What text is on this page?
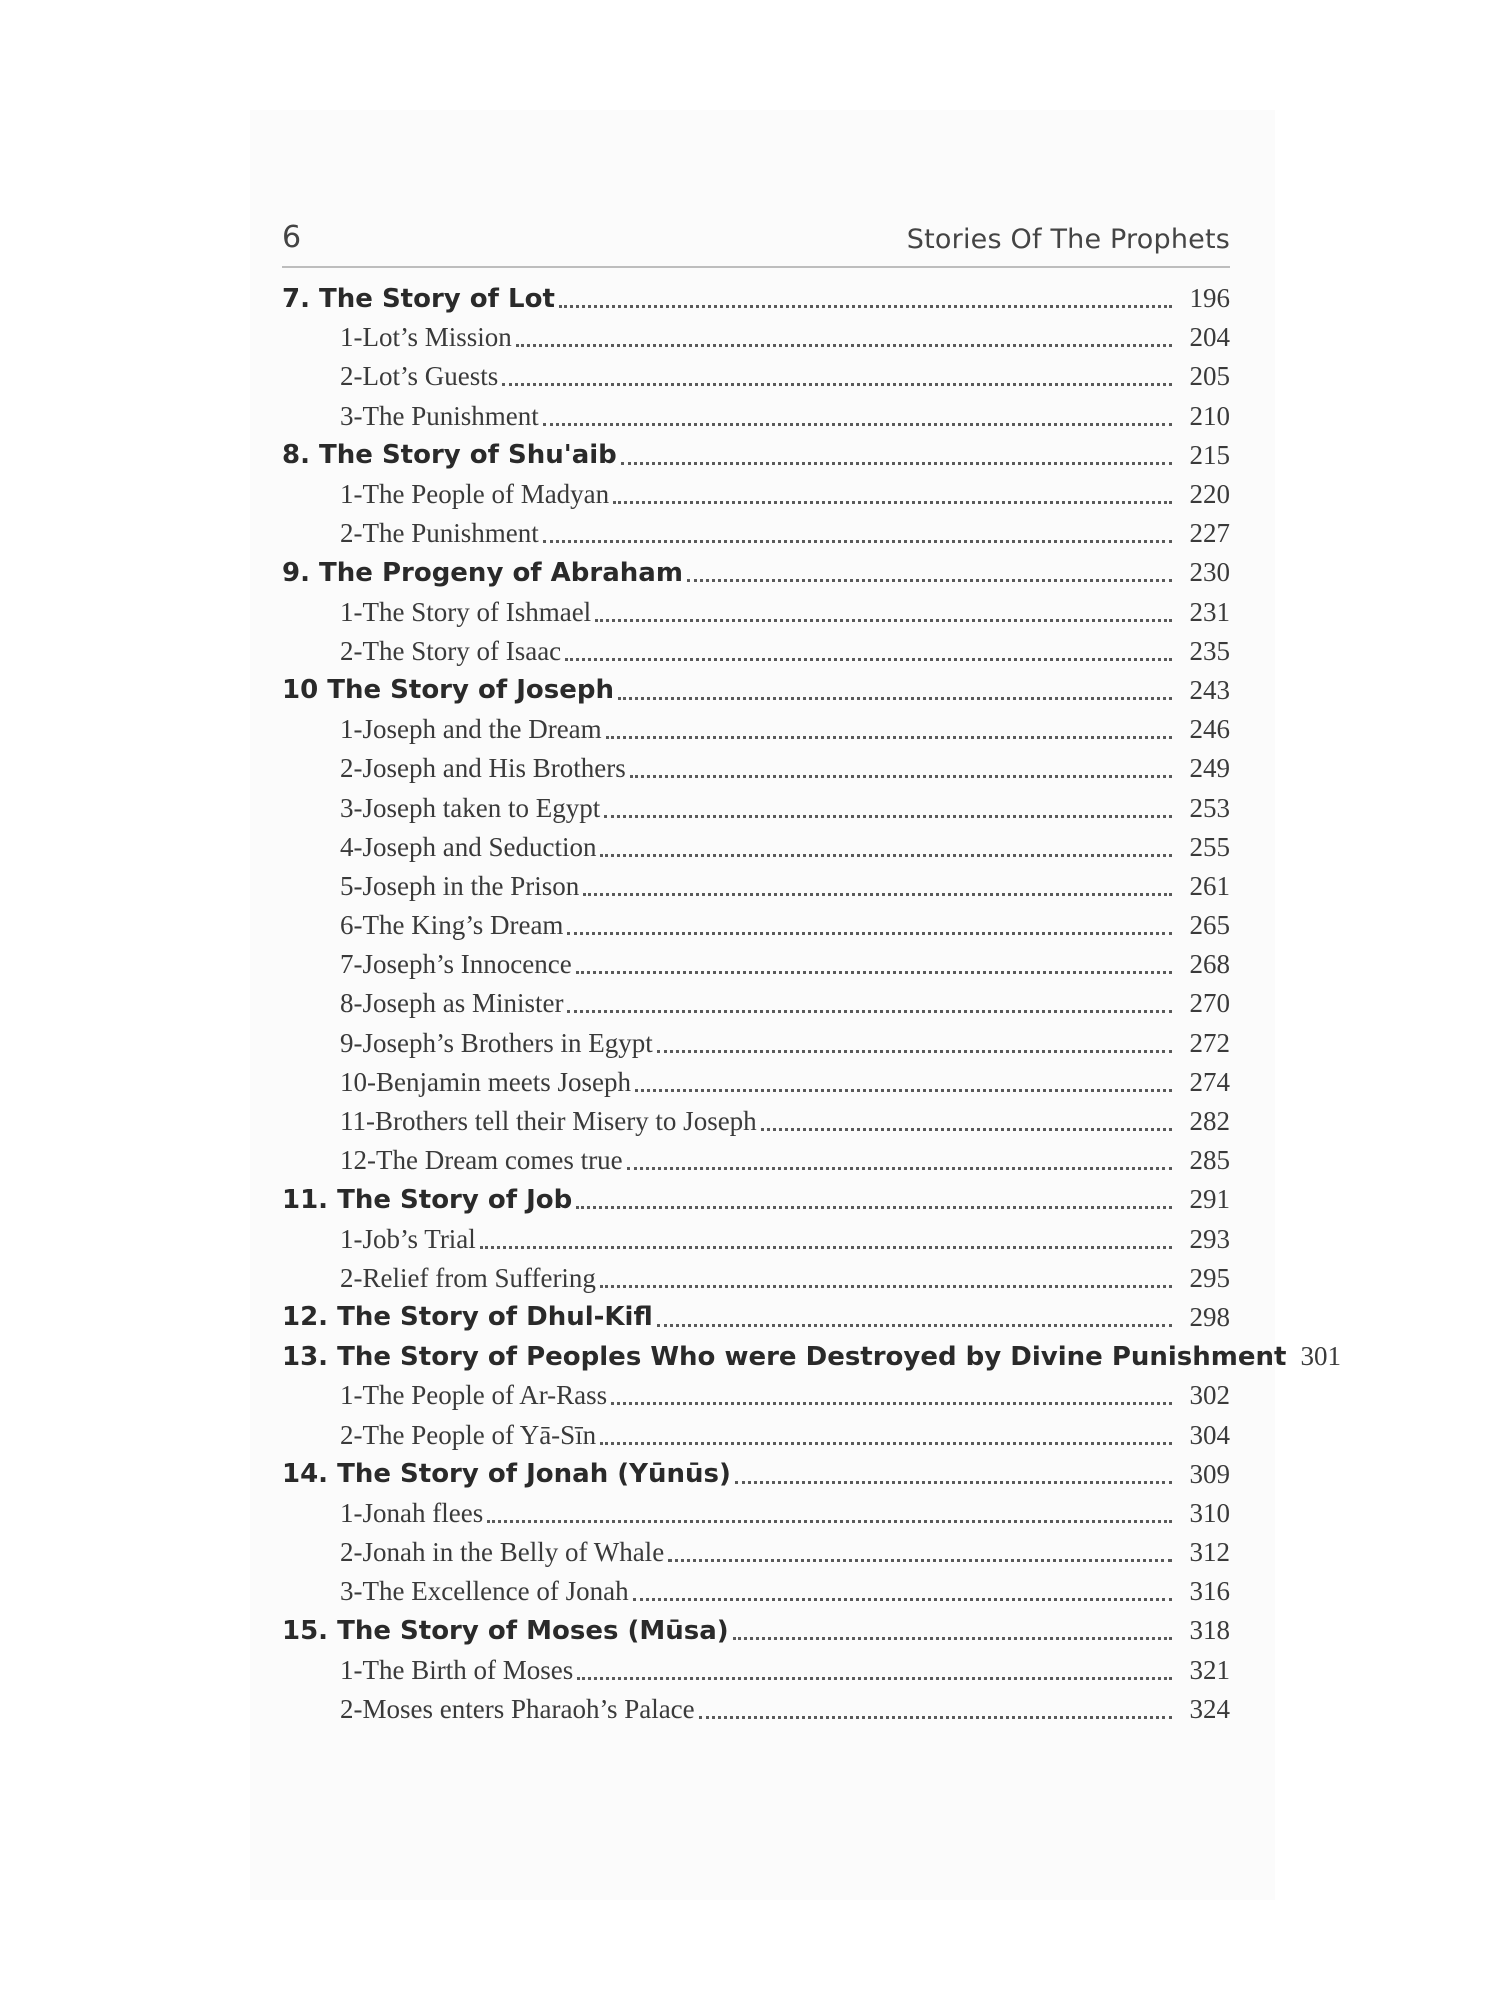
6	Stories Of The Prophets
7. The Story of Lot	196
1-Lot’s Mission	204
2-Lot’s Guests	205
3-The Punishment	210
8. The Story of Shu'aib	215
1-The People of Madyan	220
2-The Punishment	227
9. The Progeny of Abraham	230
1-The Story of Ishmael	231
2-The Story of Isaac	235
10 The Story of Joseph	243
1-Joseph and the Dream	246
2-Joseph and His Brothers	249
3-Joseph taken to Egypt	253
4-Joseph and Seduction	255
5-Joseph in the Prison	261
6-The King’s Dream	265
7-Joseph’s Innocence	268
8-Joseph as Minister	270
9-Joseph’s Brothers in Egypt	272
10-Benjamin meets Joseph	274
11-Brothers tell their Misery to Joseph	282
12-The Dream comes true	285
11. The Story of Job	291
1-Job’s Trial	293
2-Relief from Suffering	295
12. The Story of Dhul-Kifl	298
13. The Story of Peoples Who were Destroyed by Divine Punishment 301
1-The People of Ar-Rass	302
2-The People of Yā-Sīn	304
14. The Story of Jonah (Yūnūs)	309
1-Jonah flees	310
2-Jonah in the Belly of Whale	312
3-The Excellence of Jonah	316
15. The Story of Moses (Mūsa)	318
1-The Birth of Moses	321
2-Moses enters Pharaoh’s Palace	324
